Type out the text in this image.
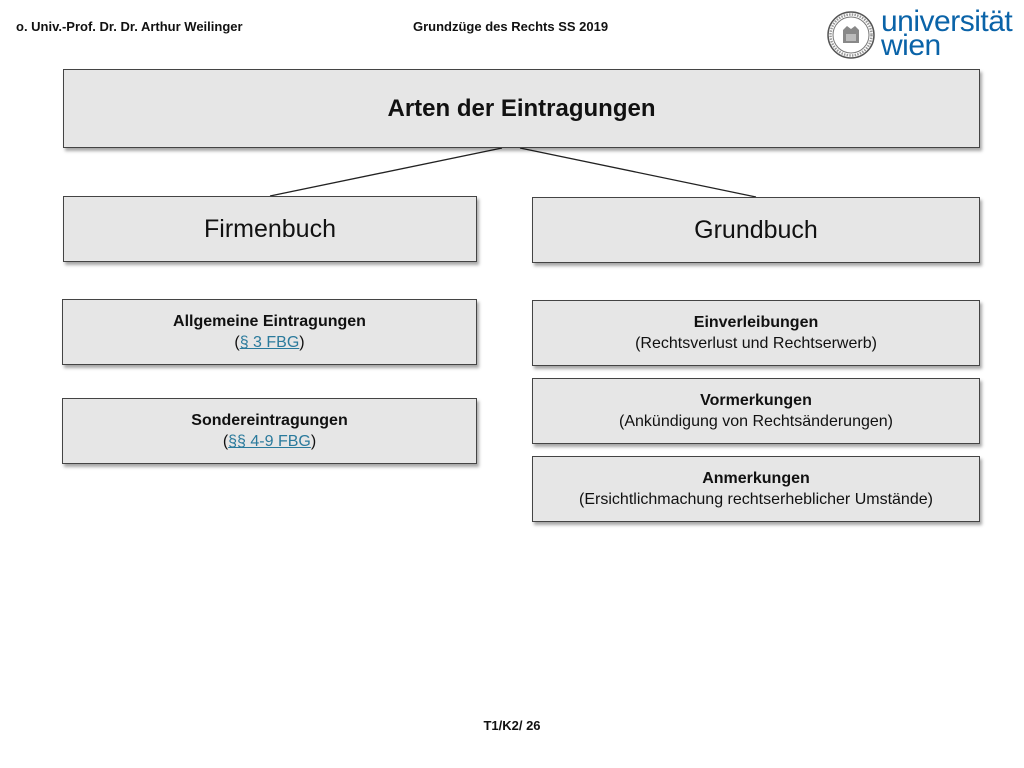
o. Univ.-Prof. Dr. Dr. Arthur Weilinger	Grundzüge des Rechts SS 2019	universität
wien
Arten der Eintragungen
Firmenbuch	Grundbuch
Allgemeine Eintragungen
(§ 3 FBG)
Sondereintragungen
(§§ 4-9 FBG)
Einverleibungen
(Rechtsverlust und Rechtserwerb)
Vormerkungen
(Ankündigung von Rechtsänderungen)
Anmerkungen
(Ersichtlichmachung rechtserheblicher Umstände)
T1/K2/ 26
